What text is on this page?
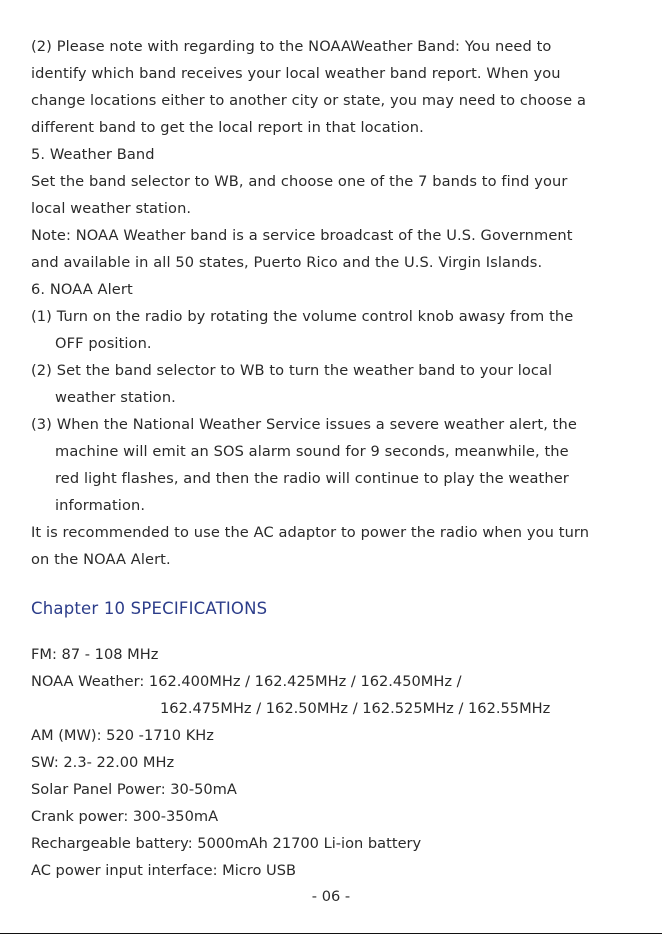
(2) Please note with regarding to the NOAAWeather Band: You need to
identify which band receives your local weather band report. When you
change locations either to another city or state, you may need to choose a
different band to get the local report in that location.
5. Weather Band
Set the band selector to WB, and choose one of the 7 bands to find your
local weather station.
Note: NOAA Weather band is a service broadcast of the U.S. Government
and available in all 50 states, Puerto Rico and the U.S. Virgin Islands.
6. NOAA Alert
(1) Turn on the radio by rotating the volume control knob awasy from the
OFF position.
(2) Set the band selector to WB to turn the weather band to your local
weather station.
(3) When the National Weather Service issues a severe weather alert, the
machine will emit an SOS alarm sound for 9 seconds, meanwhile, the
red light flashes, and then the radio will continue to play the weather
information.
It is recommended to use the AC adaptor to power the radio when you turn
on the NOAA Alert.
Chapter 10 SPECIFICATIONS
FM: 87 - 108 MHz
NOAA Weather: 162.400MHz / 162.425MHz / 162.450MHz /
162.475MHz / 162.50MHz / 162.525MHz / 162.55MHz
AM (MW): 520 -1710 KHz
SW: 2.3- 22.00 MHz
Solar Panel Power: 30-50mA
Crank power: 300-350mA
Rechargeable battery: 5000mAh 21700 Li-ion battery
AC power input interface: Micro USB
- 06 -
